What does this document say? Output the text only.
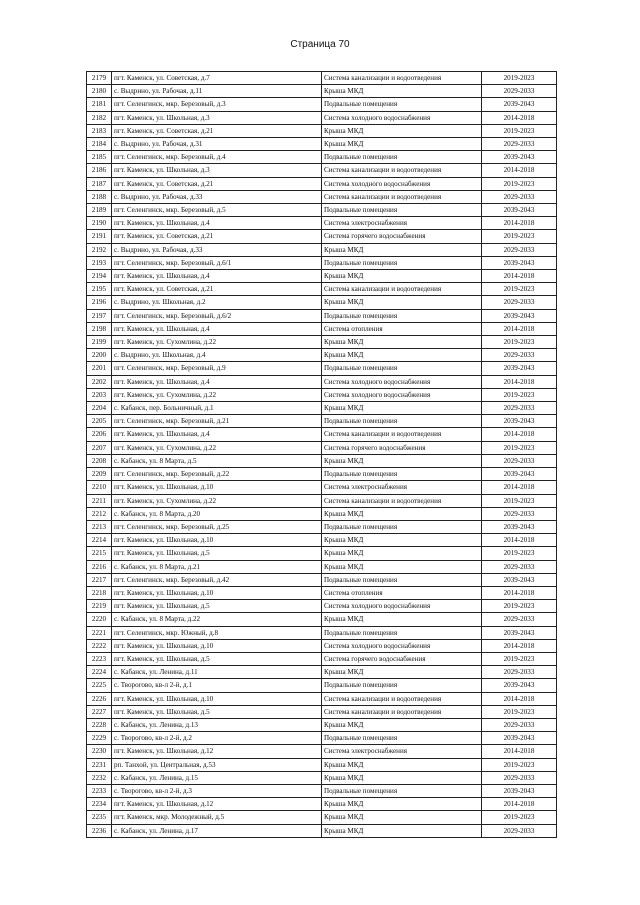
Страница 70
2179	пгт. Каменск, ул. Советская, д.7	Система канализации и водоотведения	2019-2023
2180	с. Выдрино, ул. Рабочая, д.11	Крыша МКД	2029-2033
2181	пгт. Селенгинск, мкр. Березовый, д.3	Подвальные помещения	2039-2043
2182	пгт. Каменск, ул. Школьная, д.3	Система холодного водоснабжения	2014-2018
2183	пгт. Каменск, ул. Советская, д.21	Крыша МКД	2019-2023
2184	с. Выдрино, ул. Рабочая, д.31	Крыша МКД	2029-2033
2185	пгт. Селенгинск, мкр. Березовый, д.4	Подвальные помещения	2039-2043
2186	пгт. Каменск, ул. Школьная, д.3	Система канализации и водоотведения	2014-2018
2187	пгт. Каменск, ул. Советская, д.21	Система холодного водоснабжения	2019-2023
2188	с. Выдрино, ул. Рабочая, д.33	Система канализации и водоотведения	2029-2033
2189	пгт. Селенгинск, мкр. Березовый, д.5	Подвальные помещения	2039-2043
2190	пгт. Каменск, ул. Школьная, д.4	Система электроснабжения	2014-2018
2191	пгт. Каменск, ул. Советская, д.21	Система горячего водоснабжения	2019-2023
2192	с. Выдрино, ул. Рабочая, д.33	Крыша МКД	2029-2033
2193	пгт. Селенгинск, мкр. Березовый, д.6/1	Подвальные помещения	2039-2043
2194	пгт. Каменск, ул. Школьная, д.4	Крыша МКД	2014-2018
2195	пгт. Каменск, ул. Советская, д.21	Система канализации и водоотведения	2019-2023
2196	с. Выдрино, ул. Школьная, д.2	Крыша МКД	2029-2033
2197	пгт. Селенгинск, мкр. Березовый, д.6/2	Подвальные помещения	2039-2043
2198	пгт. Каменск, ул. Школьная, д.4	Система отопления	2014-2018
2199	пгт. Каменск, ул. Сухомлина, д.22	Крыша МКД	2019-2023
2200	с. Выдрино, ул. Школьная, д.4	Крыша МКД	2029-2033
2201	пгт. Селенгинск, мкр. Березовый, д.9	Подвальные помещения	2039-2043
2202	пгт. Каменск, ул. Школьная, д.4	Система холодного водоснабжения	2014-2018
2203	пгт. Каменск, ул. Сухомлина, д.22	Система холодного водоснабжения	2019-2023
2204	с. Кабанск, пер. Больничный, д.1	Крыша МКД	2029-2033
2205	пгт. Селенгинск, мкр. Березовый, д.21	Подвальные помещения	2039-2043
2206	пгт. Каменск, ул. Школьная, д.4	Система канализации и водоотведения	2014-2018
2207	пгт. Каменск, ул. Сухомлина, д.22	Система горячего водоснабжения	2019-2023
2208	с. Кабанск, ул. 8 Марта, д.5	Крыша МКД	2029-2033
2209	пгт. Селенгинск, мкр. Березовый, д.22	Подвальные помещения	2039-2043
2210	пгт. Каменск, ул. Школьная, д.10	Система электроснабжения	2014-2018
2211	пгт. Каменск, ул. Сухомлина, д.22	Система канализации и водоотведения	2019-2023
2212	с. Кабанск, ул. 8 Марта, д.20	Крыша МКД	2029-2033
2213	пгт. Селенгинск, мкр. Березовый, д.25	Подвальные помещения	2039-2043
2214	пгт. Каменск, ул. Школьная, д.10	Крыша МКД	2014-2018
2215	пгт. Каменск, ул. Школьная, д.5	Крыша МКД	2019-2023
2216	с. Кабанск, ул. 8 Марта, д.21	Крыша МКД	2029-2033
2217	пгт. Селенгинск, мкр. Березовый, д.42	Подвальные помещения	2039-2043
2218	пгт. Каменск, ул. Школьная, д.10	Система отопления	2014-2018
2219	пгт. Каменск, ул. Школьная, д.5	Система холодного водоснабжения	2019-2023
2220	с. Кабанск, ул. 8 Марта, д.22	Крыша МКД	2029-2033
2221	пгт. Селенгинск, мкр. Южный, д.8	Подвальные помещения	2039-2043
2222	пгт. Каменск, ул. Школьная, д.10	Система холодного водоснабжения	2014-2018
2223	пгт. Каменск, ул. Школьная, д.5	Система горячего водоснабжения	2019-2023
2224	с. Кабанск, ул. Ленина, д.11	Крыша МКД	2029-2033
2225	с. Творогово, кв-л 2-й, д.1	Подвальные помещения	2039-2043
2226	пгт. Каменск, ул. Школьная, д.10	Система канализации и водоотведения	2014-2018
2227	пгт. Каменск, ул. Школьная, д.5	Система канализации и водоотведения	2019-2023
2228	с. Кабанск, ул. Ленина, д.13	Крыша МКД	2029-2033
2229	с. Творогово, кв-л 2-й, д.2	Подвальные помещения	2039-2043
2230	пгт. Каменск, ул. Школьная, д.12	Система электроснабжения	2014-2018
2231	рп. Танхой, ул. Центральная, д.53	Крыша МКД	2019-2023
2232	с. Кабанск, ул. Ленина, д.15	Крыша МКД	2029-2033
2233	с. Творогово, кв-л 2-й, д.3	Подвальные помещения	2039-2043
2234	пгт. Каменск, ул. Школьная, д.12	Крыша МКД	2014-2018
2235	пгт. Каменск, мкр. Молодежный, д.5	Крыша МКД	2019-2023
2236	с. Кабанск, ул. Ленина, д.17	Крыша МКД	2029-2033
